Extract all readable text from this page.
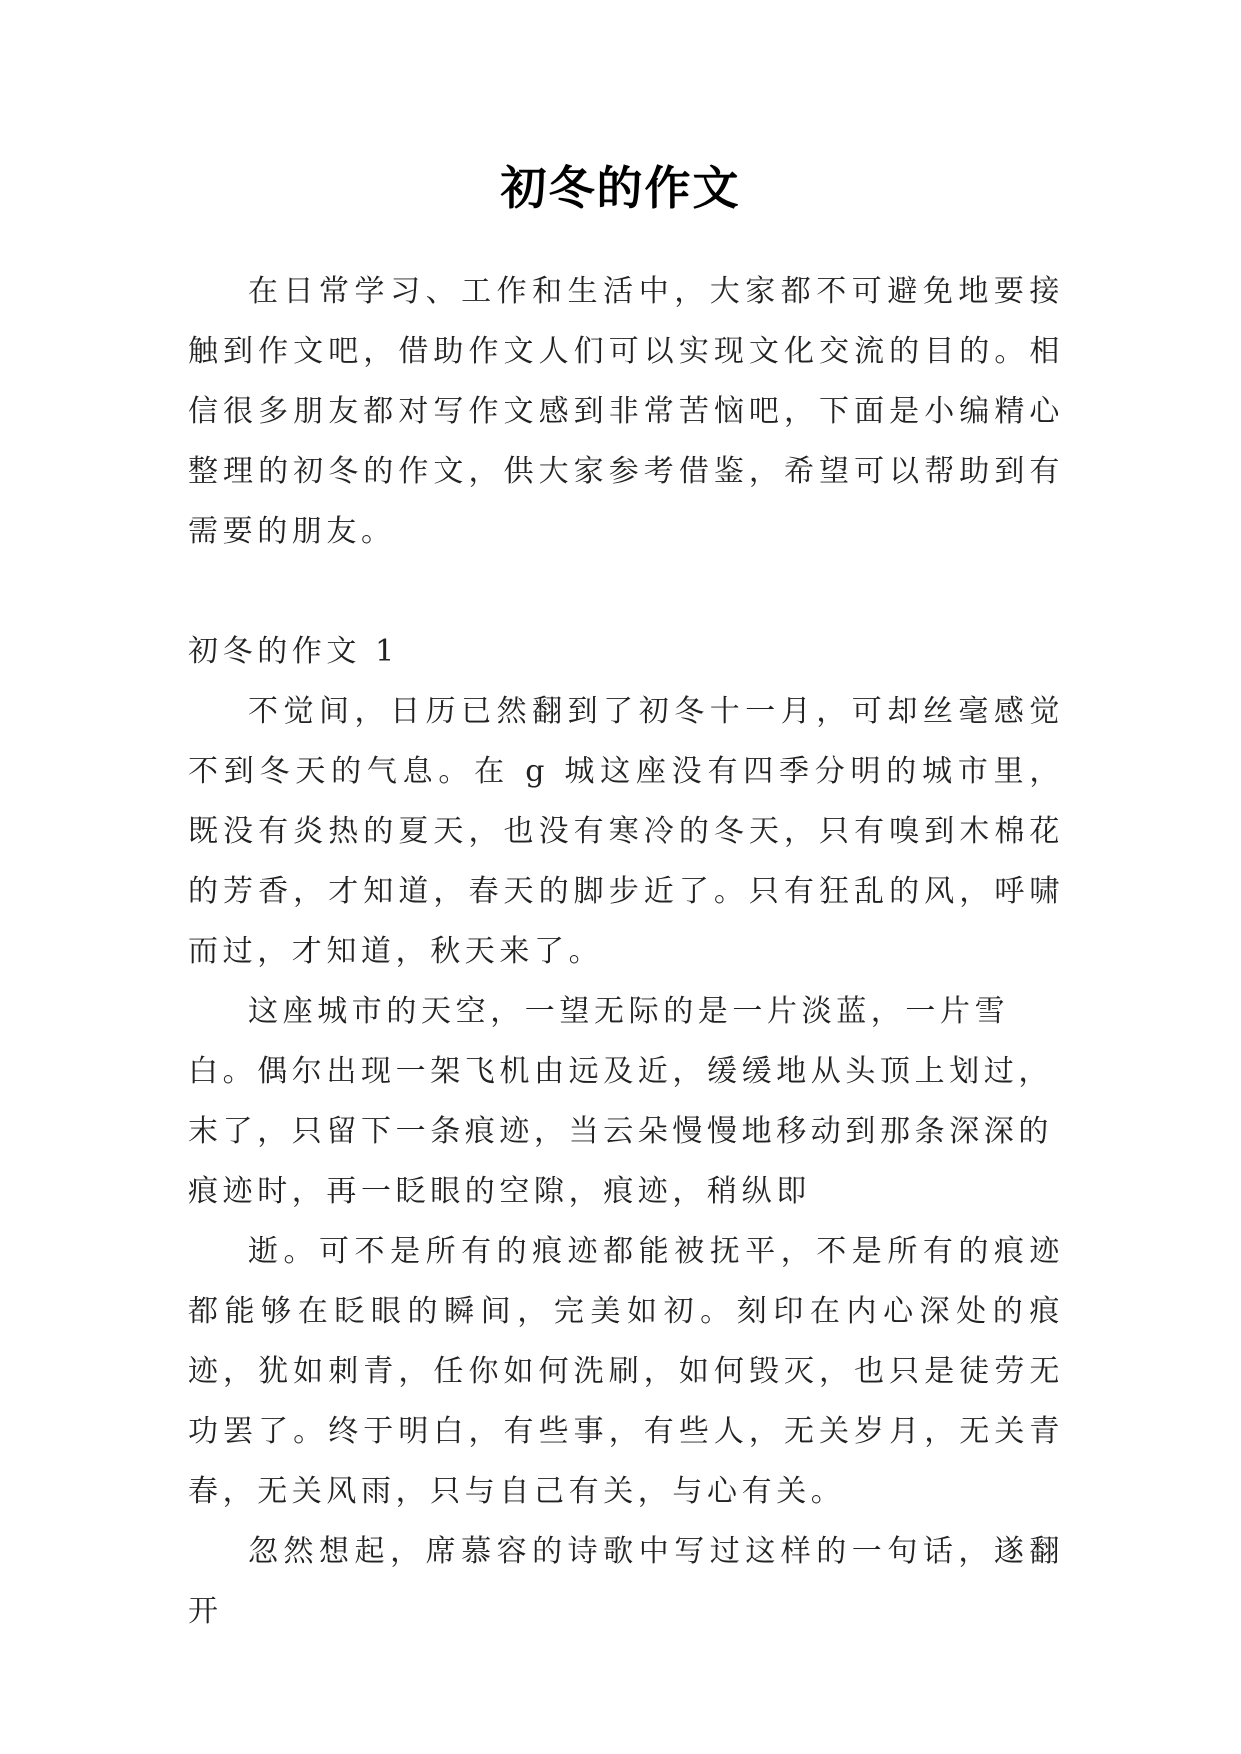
初冬的作文

在日常学习、工作和生活中，大家都不可避免地要接触到作文吧，借助作文人们可以实现文化交流的目的。相信很多朋友都对写作文感到非常苦恼吧，下面是小编精心整理的初冬的作文，供大家参考借鉴，希望可以帮助到有需要的朋友。

初冬的作文 1

不觉间，日历已然翻到了初冬十一月，可却丝毫感觉不到冬天的气息。在 g 城这座没有四季分明的城市里，既没有炎热的夏天，也没有寒冷的冬天，只有嗅到木棉花的芳香，才知道，春天的脚步近了。只有狂乱的风，呼啸而过，才知道，秋天来了。

这座城市的天空，一望无际的是一片淡蓝，一片雪白。偶尔出现一架飞机由远及近，缓缓地从头顶上划过，末了，只留下一条痕迹，当云朵慢慢地移动到那条深深的痕迹时，再一眨眼的空隙，痕迹，稍纵即

逝。可不是所有的痕迹都能被抚平，不是所有的痕迹都能够在眨眼的瞬间，完美如初。刻印在内心深处的痕迹，犹如刺青，任你如何洗刷，如何毁灭，也只是徒劳无功罢了。终于明白，有些事，有些人，无关岁月，无关青春，无关风雨，只与自己有关，与心有关。

忽然想起，席慕容的诗歌中写过这样的一句话，遂翻开
